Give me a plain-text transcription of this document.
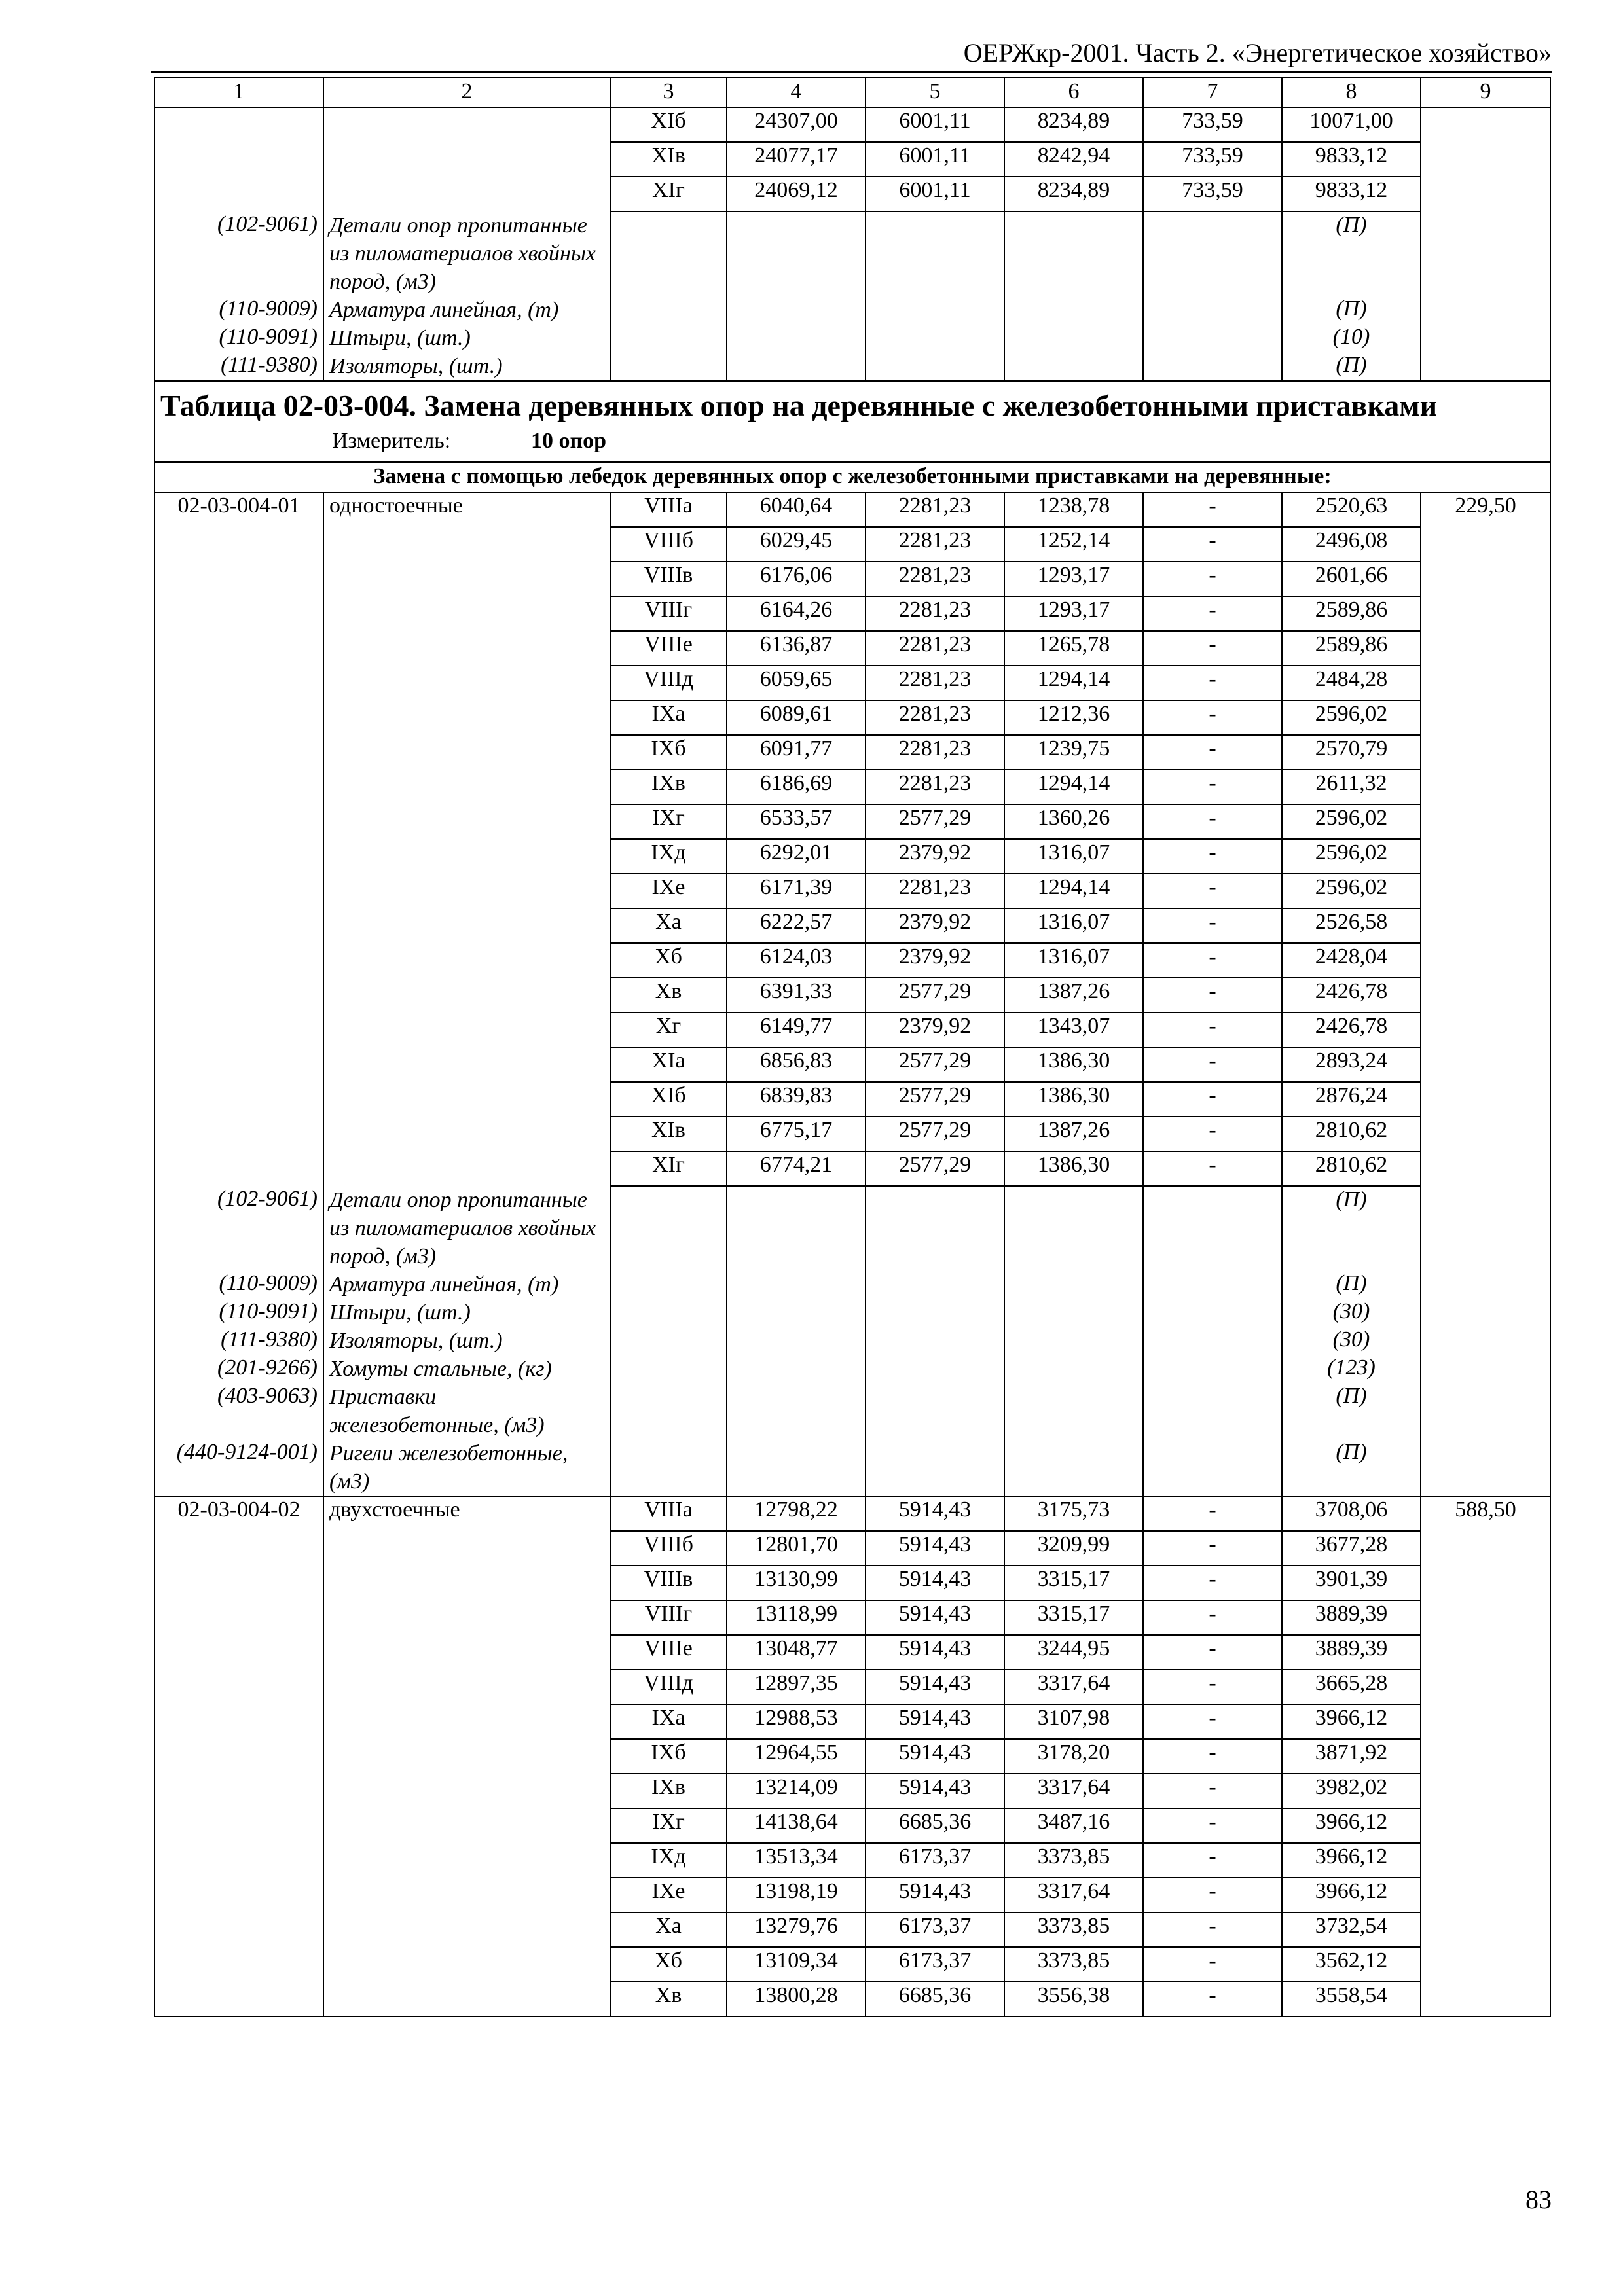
ОЕРЖкр-2001. Часть 2. «Энергетическое хозяйство»
1	2	3	4	5	6	7	8	9
		XIб	24307,00	6001,11	8234,89	733,59	10071,00	
		XIв	24077,17	6001,11	8242,94	733,59	9833,12	
		XIг	24069,12	6001,11	8234,89	733,59	9833,12	
(102-9061)	Детали опор пропитанные из пиломатериалов хвойных пород, (м3)						(П)	
(110-9009)	Арматура линейная, (т)						(П)	
(110-9091)	Штыри, (шт.)						(10)	
(111-9380)	Изоляторы, (шт.)						(П)	

Таблица 02-03-004. Замена деревянных опор на деревянные с железобетонными приставками
Измеритель: 10 опор								

Замена с помощью лебедок деревянных опор с железобетонными приставками на деревянные:								
02-03-004-01	одностоечные	VIIIа	6040,64	2281,23	1238,78	-	2520,63	229,50
		VIIIб	6029,45	2281,23	1252,14	-	2496,08	
		VIIIв	6176,06	2281,23	1293,17	-	2601,66	
		VIIIг	6164,26	2281,23	1293,17	-	2589,86	
		VIIIе	6136,87	2281,23	1265,78	-	2589,86	
		VIIIд	6059,65	2281,23	1294,14	-	2484,28	
		IXа	6089,61	2281,23	1212,36	-	2596,02	
		IXб	6091,77	2281,23	1239,75	-	2570,79	
		IXв	6186,69	2281,23	1294,14	-	2611,32	
		IXг	6533,57	2577,29	1360,26	-	2596,02	
		IXд	6292,01	2379,92	1316,07	-	2596,02	
		IXе	6171,39	2281,23	1294,14	-	2596,02	
		Xа	6222,57	2379,92	1316,07	-	2526,58	
		Xб	6124,03	2379,92	1316,07	-	2428,04	
		Xв	6391,33	2577,29	1387,26	-	2426,78	
		Xг	6149,77	2379,92	1343,07	-	2426,78	
		XIа	6856,83	2577,29	1386,30	-	2893,24	
		XIб	6839,83	2577,29	1386,30	-	2876,24	
		XIв	6775,17	2577,29	1387,26	-	2810,62	
		XIг	6774,21	2577,29	1386,30	-	2810,62	
(102-9061)	Детали опор пропитанные из пиломатериалов хвойных пород, (м3)						(П)	
(110-9009)	Арматура линейная, (т)						(П)	
(110-9091)	Штыри, (шт.)						(30)	
(111-9380)	Изоляторы, (шт.)						(30)	
(201-9266)	Хомуты стальные, (кг)						(123)	
(403-9063)	Приставки железобетонные, (м3)						(П)	
(440-9124-001)	Ригели железобетонные, (м3)						(П)	
02-03-004-02	двухстоечные	VIIIа	12798,22	5914,43	3175,73	-	3708,06	588,50
		VIIIб	12801,70	5914,43	3209,99	-	3677,28	
		VIIIв	13130,99	5914,43	3315,17	-	3901,39	
		VIIIг	13118,99	5914,43	3315,17	-	3889,39	
		VIIIе	13048,77	5914,43	3244,95	-	3889,39	
		VIIIд	12897,35	5914,43	3317,64	-	3665,28	
		IXа	12988,53	5914,43	3107,98	-	3966,12	
		IXб	12964,55	5914,43	3178,20	-	3871,92	
		IXв	13214,09	5914,43	3317,64	-	3982,02	
		IXг	14138,64	6685,36	3487,16	-	3966,12	
		IXд	13513,34	6173,37	3373,85	-	3966,12	
		IXе	13198,19	5914,43	3317,64	-	3966,12	
		Xа	13279,76	6173,37	3373,85	-	3732,54	
		Xб	13109,34	6173,37	3373,85	-	3562,12	
		Xв	13800,28	6685,36	3556,38	-	3558,54	
83
